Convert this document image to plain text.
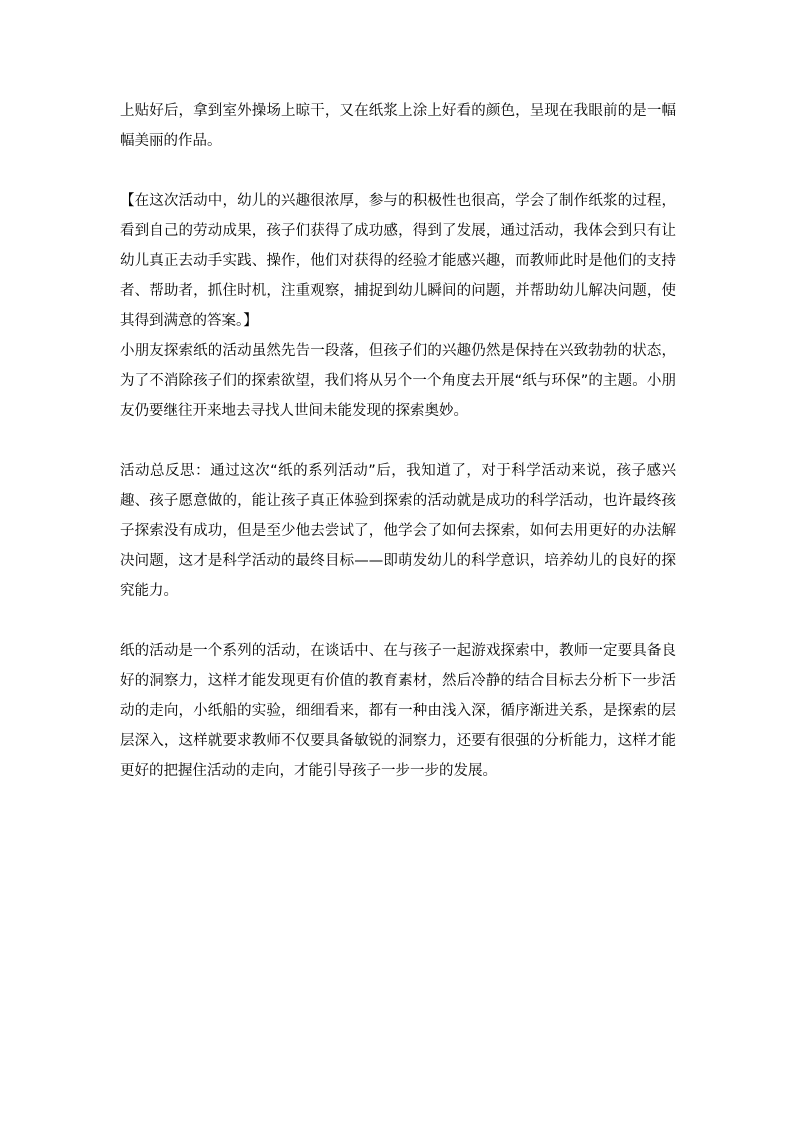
上贴好后，拿到室外操场上晾干，又在纸浆上涂上好看的颜色，呈现在我眼前的是一幅幅美丽的作品。

【在这次活动中，幼儿的兴趣很浓厚，参与的积极性也很高，学会了制作纸浆的过程，看到自己的劳动成果，孩子们获得了成功感，得到了发展，通过活动，我体会到只有让幼儿真正去动手实践、操作，他们对获得的经验才能感兴趣，而教师此时是他们的支持者、帮助者，抓住时机，注重观察，捕捉到幼儿瞬间的问题，并帮助幼儿解决问题，使其得到满意的答案。】

小朋友探索纸的活动虽然先告一段落，但孩子们的兴趣仍然是保持在兴致勃勃的状态，为了不消除孩子们的探索欲望，我们将从另个一个角度去开展“纸与环保”的主题。小朋友仍要继往开来地去寻找人世间未能发现的探索奥妙。

活动总反思：通过这次“纸的系列活动”后，我知道了，对于科学活动来说，孩子感兴趣、孩子愿意做的，能让孩子真正体验到探索的活动就是成功的科学活动，也许最终孩子探索没有成功，但是至少他去尝试了，他学会了如何去探索，如何去用更好的办法解决问题，这才是科学活动的最终目标——即萌发幼儿的科学意识，培养幼儿的良好的探究能力。

纸的活动是一个系列的活动，在谈话中、在与孩子一起游戏探索中，教师一定要具备良好的洞察力，这样才能发现更有价值的教育素材，然后冷静的结合目标去分析下一步活动的走向，小纸船的实验，细细看来，都有一种由浅入深，循序渐进关系，是探索的层层深入，这样就要求教师不仅要具备敏锐的洞察力，还要有很强的分析能力，这样才能更好的把握住活动的走向，才能引导孩子一步一步的发展。
